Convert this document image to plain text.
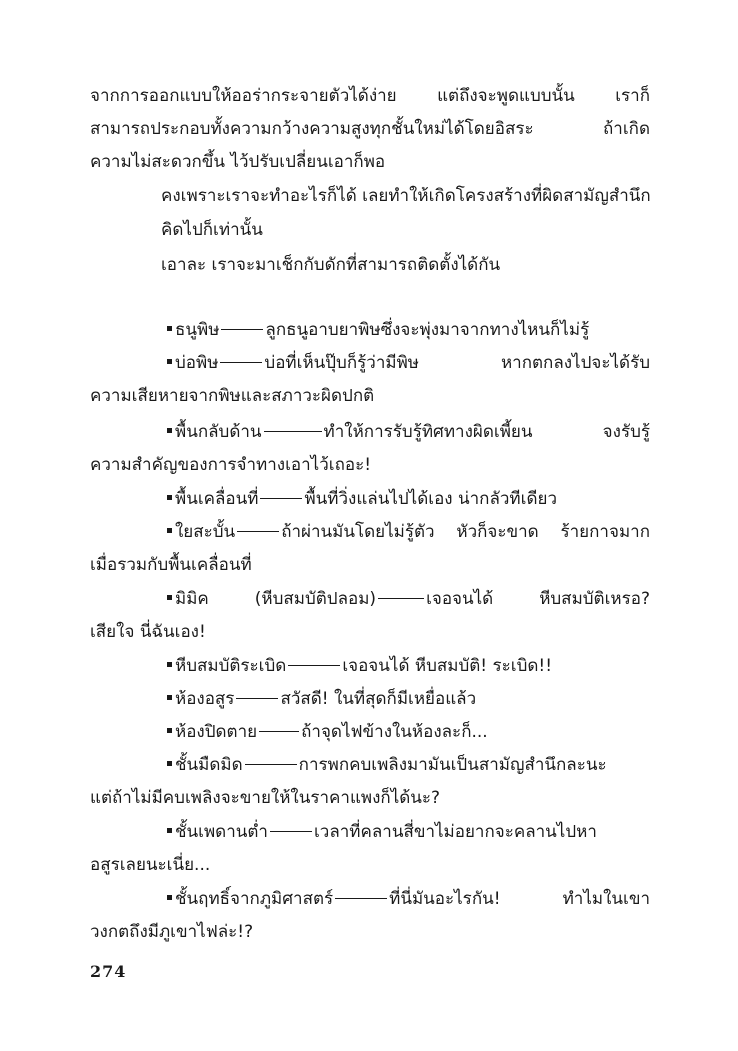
จากการออกแบบให้ออร่ากระจายตัวได้ง่าย แต่ถึงจะพูดแบบนั้น เราก็
สามารถประกอบทั้งความกว้างความสูงทุกชั้นใหม่ได้โดยอิสระ ถ้าเกิด
ความไม่สะดวกขึ้น ไว้ปรับเปลี่ยนเอาก็พอ
คงเพราะเราจะทำอะไรก็ได้ เลยทำให้เกิดโครงสร้างที่ผิดสามัญสำนึก
คิดไปก็เท่านั้น
เอาละ เราจะมาเช็กกับดักที่สามารถติดตั้งได้กัน
ธนูพิษ	ลูกธนูอาบยาพิษซึ่งจะพุ่งมาจากทางไหนก็ไม่รู้
บ่อพิษ	บ่อที่เห็นปุ๊บก็รู้ว่ามีพิษ หากตกลงไปจะได้รับ
ความเสียหายจากพิษและสภาวะผิดปกติ
พื้นกลับด้าน	ทำให้การรับรู้ทิศทางผิดเพี้ยน จงรับรู้
ความสำคัญของการจำทางเอาไว้เถอะ!
พื้นเคลื่อนที่	พื้นที่วิ่งแล่นไปได้เอง น่ากลัวทีเดียว
ใยสะบั้น	ถ้าผ่านมันโดยไม่รู้ตัว หัวก็จะขาด ร้ายกาจมาก
เมื่อรวมกับพื้นเคลื่อนที่
มิมิค (หีบสมบัติปลอม)	เจอจนได้ หีบสมบัติเหรอ?
เสียใจ นี่ฉันเอง!
หีบสมบัติระเบิด	เจอจนได้ หีบสมบัติ! ระเบิด!!
ห้องอสูร	สวัสดี! ในที่สุดก็มีเหยื่อแล้ว
ห้องปิดตาย	ถ้าจุดไฟข้างในห้องละก็...
ชั้นมืดมิด	การพกคบเพลิงมามันเป็นสามัญสำนึกละนะ
แต่ถ้าไม่มีคบเพลิงจะขายให้ในราคาแพงก็ได้นะ?
ชั้นเพดานต่ำ	เวลาที่คลานสี่ขาไม่อยากจะคลานไปหา
อสูรเลยนะเนี่ย...
ชั้นฤทธิ์จากภูมิศาสตร์	ที่นี่มันอะไรกัน! ทำไมในเขา
วงกตถึงมีภูเขาไฟล่ะ!?
274
